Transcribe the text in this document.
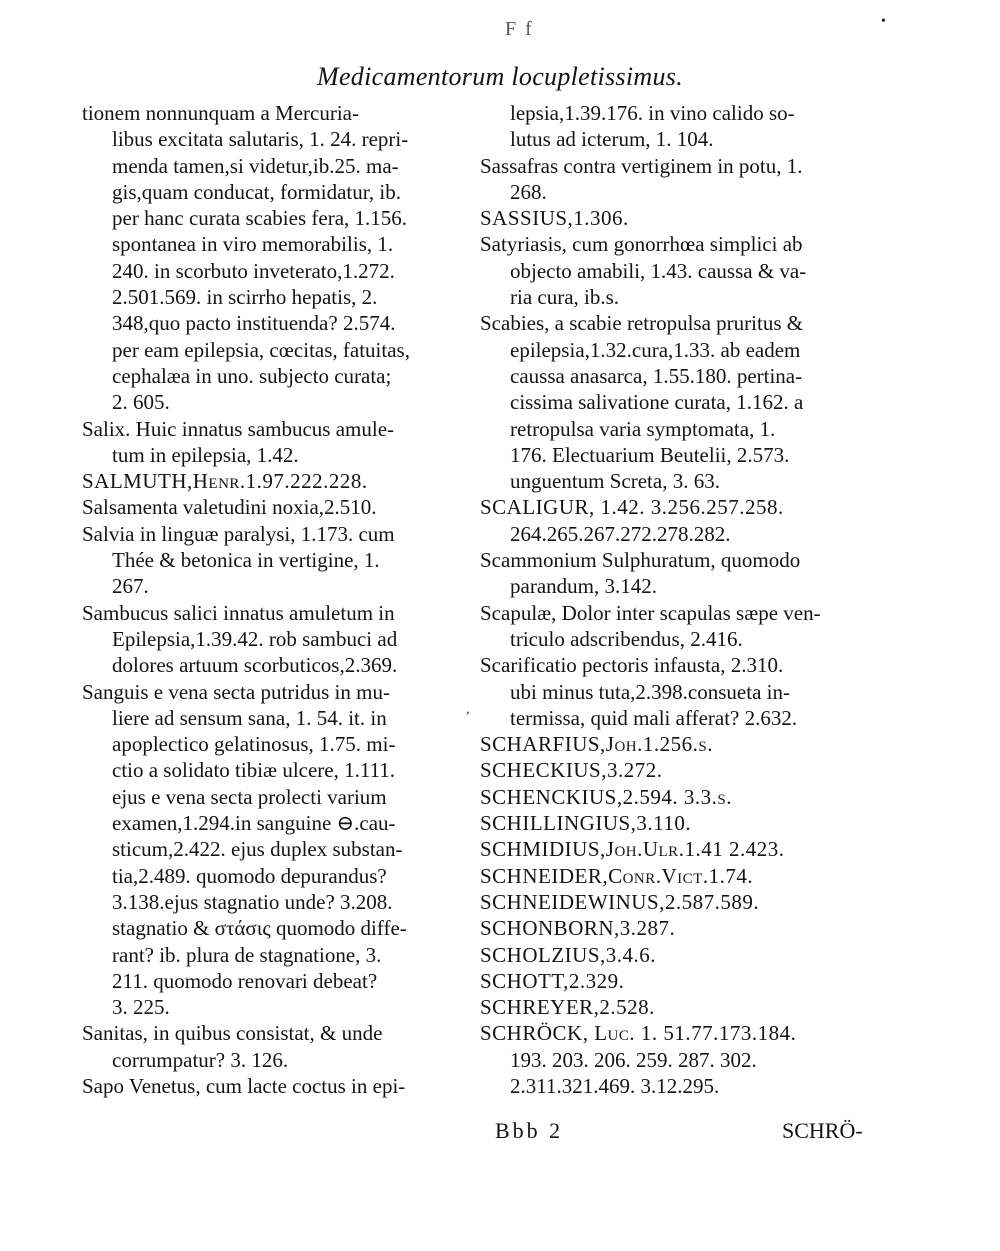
F f	•
Medicamentorum locupletissimus.
tionem nonnunquam a Mercuria-
libus excitata salutaris, 1. 24. repri-
menda tamen,si videtur,ib.25. ma-
gis,quam conducat, formidatur, ib.
per hanc curata scabies fera, 1.156.
spontanea in viro memorabilis, 1.
240. in scorbuto inveterato,1.272.
2.501.569. in scirrho hepatis, 2.
348,quo pacto instituenda? 2.574.
per eam epilepsia, cœcitas, fatuitas,
cephalæa in uno. subjecto curata;
2. 605.
Salix. Huic innatus sambucus amule-
tum in epilepsia, 1.42.
SALMUTH,Henr.1.97.222.228.
Salsamenta valetudini noxia,2.510.
Salvia in linguæ paralysi, 1.173. cum
Thée & betonica in vertigine, 1.
267.
Sambucus salici innatus amuletum in
Epilepsia,1.39.42. rob sambuci ad
dolores artuum scorbuticos,2.369.
Sanguis e vena secta putridus in mu-
liere ad sensum sana, 1. 54. it. in
apoplectico gelatinosus, 1.75. mi-
ctio a solidato tibiæ ulcere, 1.111.
ejus e vena secta prolecti varium
examen,1.294.in sanguine ⊖.cau-
sticum,2.422. ejus duplex substan-
tia,2.489. quomodo depurandus?
3.138.ejus stagnatio unde? 3.208.
stagnatio & στάσις quomodo diffe-
rant? ib. plura de stagnatione, 3.
211. quomodo renovari debeat?
3. 225.
Sanitas, in quibus consistat, & unde
corrumpatur? 3. 126.
Sapo Venetus, cum lacte coctus in epi-
,
lepsia,1.39.176. in vino calido so-
lutus ad icterum, 1. 104.
Sassafras contra vertiginem in potu, 1.
268.
SASSIUS,1.306.
Satyriasis, cum gonorrhœa simplici ab
objecto amabili, 1.43. caussa & va-
ria cura, ib.s.
Scabies, a scabie retropulsa pruritus &
epilepsia,1.32.cura,1.33. ab eadem
caussa anasarca, 1.55.180. pertina-
cissima salivatione curata, 1.162. a
retropulsa varia symptomata, 1.
176. Electuarium Beutelii, 2.573.
unguentum Screta, 3. 63.
SCALIGUR, 1.42. 3.256.257.258.
264.265.267.272.278.282.
Scammonium Sulphuratum, quomodo
parandum, 3.142.
Scapulæ, Dolor inter scapulas sæpe ven-
triculo adscribendus, 2.416.
Scarificatio pectoris infausta, 2.310.
ubi minus tuta,2.398.consueta in-
termissa, quid mali afferat? 2.632.
SCHARFIUS,Joh.1.256.s.
SCHECKIUS,3.272.
SCHENCKIUS,2.594. 3.3.s.
SCHILLINGIUS,3.110.
SCHMIDIUS,Joh.Ulr.1.41 2.423.
SCHNEIDER,Conr.Vict.1.74.
SCHNEIDEWINUS,2.587.589.
SCHONBORN,3.287.
SCHOLZIUS,3.4.6.
SCHOTT,2.329.
SCHREYER,2.528.
SCHRÖCK, Luc. 1. 51.77.173.184.
193. 203. 206. 259. 287. 302.
2.311.321.469. 3.12.295.
Bbb 2	SCHRÖ-
